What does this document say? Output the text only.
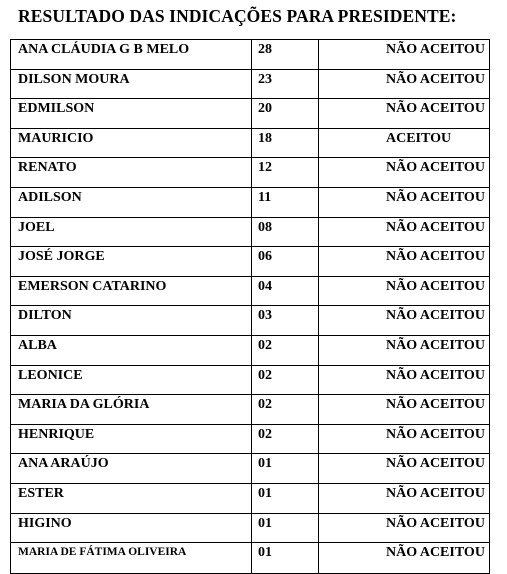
RESULTADO DAS INDICAÇÕES PARA PRESIDENTE:
ANA CLÁUDIA G B MELO	28	NÃO ACEITOU
DILSON MOURA	23	NÃO ACEITOU
EDMILSON	20	NÃO ACEITOU
MAURICIO	18	ACEITOU
RENATO	12	NÃO ACEITOU
ADILSON	11	NÃO ACEITOU
JOEL	08	NÃO ACEITOU
JOSÉ JORGE	06	NÃO ACEITOU
EMERSON CATARINO	04	NÃO ACEITOU
DILTON	03	NÃO ACEITOU
ALBA	02	NÃO ACEITOU
LEONICE	02	NÃO ACEITOU
MARIA DA GLÓRIA	02	NÃO ACEITOU
HENRIQUE	02	NÃO ACEITOU
ANA ARAÚJO	01	NÃO ACEITOU
ESTER	01	NÃO ACEITOU
HIGINO	01	NÃO ACEITOU
MARIA DE FÁTIMA OLIVEIRA	01	NÃO ACEITOU
